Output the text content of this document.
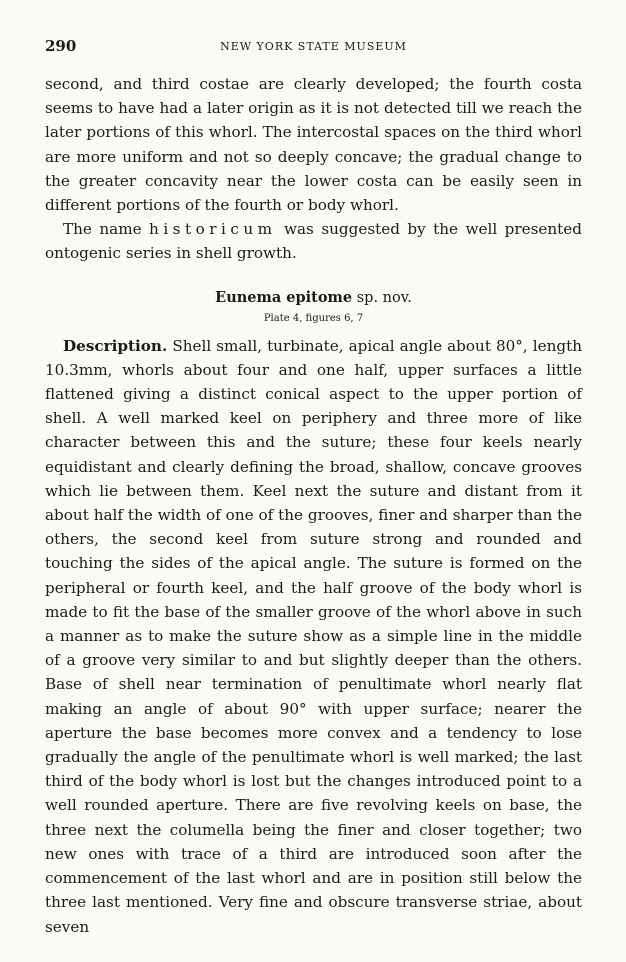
290	NEW YORK STATE MUSEUM

second, and third costae are clearly developed; the fourth costa seems to have had a later origin as it is not detected till we reach the later portions of this whorl. The intercostal spaces on the third whorl are more uniform and not so deeply concave; the gradual change to the greater concavity near the lower costa can be easily seen in different portions of the fourth or body whorl.

The name historicum was suggested by the well presented ontogenic series in shell growth.

Eunema epitome sp. nov.
Plate 4, figures 6, 7

Description. Shell small, turbinate, apical angle about 80°, length 10.3mm, whorls about four and one half, upper surfaces a little flattened giving a distinct conical aspect to the upper portion of shell. A well marked keel on periphery and three more of like character between this and the suture; these four keels nearly equidistant and clearly defining the broad, shallow, concave grooves which lie between them. Keel next the suture and distant from it about half the width of one of the grooves, finer and sharper than the others, the second keel from suture strong and rounded and touching the sides of the apical angle. The suture is formed on the peripheral or fourth keel, and the half groove of the body whorl is made to fit the base of the smaller groove of the whorl above in such a manner as to make the suture show as a simple line in the middle of a groove very similar to and but slightly deeper than the others. Base of shell near termination of penultimate whorl nearly flat making an angle of about 90° with upper surface; nearer the aperture the base becomes more convex and a tendency to lose gradually the angle of the penultimate whorl is well marked; the last third of the body whorl is lost but the changes introduced point to a well rounded aperture. There are five revolving keels on base, the three next the columella being the finer and closer together; two new ones with trace of a third are introduced soon after the commencement of the last whorl and are in position still below the three last mentioned. Very fine and obscure transverse striae, about seven
